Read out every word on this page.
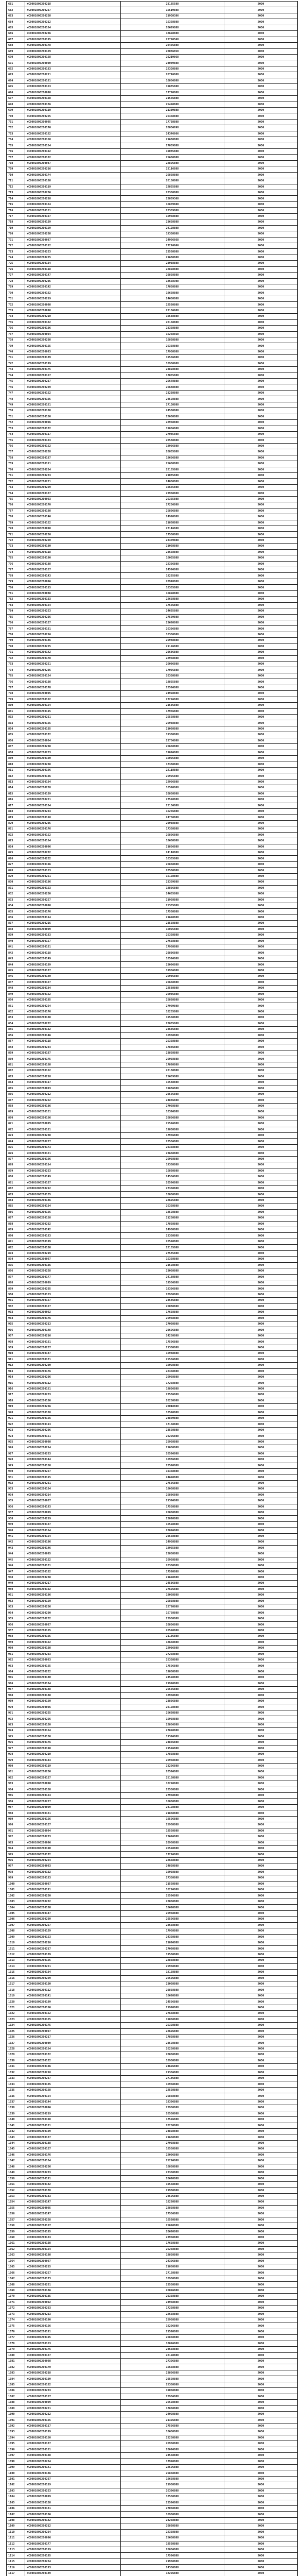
681	WC0001000200218	23185588	2000
682	WC0001000200237	16519888	2000
683	WC0001000200238	21908386	2000
684	WC0001000200212	16368888	2000
685	WC0001000200184	20699888	2000
686	WC0001000200206	18698888	2000
687	WC0001000200195	23798568	2000
688	WC0001000200178	20456888	2000
689	WC0001000200129	20036858	2000
690	WC0001000200168	20219868	2000
691	WC0001000200090	24039888	2000
692	WC0001000200183	22308888	2000
693	WC0001000200211	26776888	2000
694	WC0001000200181	16856888	2000
695	WC0001000200153	19885888	2000
696	WC0001000200098	17798888	2000
697	WC0001000200128	21566888	2000
698	WC0001000200176	25498888	2000
699	WC0001000200110	21339888	2000
700	WC0001000200225	26368888	2000
701	WC0001000200095	17738888	2000
702	WC0001000200176	20836998	2000
703	WC0001000200162	24376666	2000
704	WC0001000200150	21688888	2000
705	WC0001000200154	27889888	2000
706	WC0001000200192	19085888	2000
707	WC0001000200182	25668888	2000
708	WC0001000200087	22896888	2000
709	WC0001000200216	23116888	2000
710	WC0001000200174	26868888	2000
711	WC0001000200188	26158888	2000
712	WC0001000200119	22855888	2000
713	WC0001000200236	22358888	2000
714	WC0001000200218	23889368	2000
715	WC0001000200124	16859888	2000
716	WC0001000200151	22359888	2000
717	WC0001000200197	16958888	2000
718	WC0001000200139	23658888	2000
719	WC0001000200159	24108888	2000
720	WC0001000200208	19338888	2000
721	WC0001000200087	24966668	2000
722	WC0001000200112	27226666	2000
723	WC0001000200233	23588888	2000
724	WC0001000200225	21688888	2000
725	WC0001000200134	23938888	2000
726	WC0001000200118	22898888	2000
727	WC0001000200147	20858888	2000
728	WC0001000200205	18668988	2000
729	WC0001000200142	17858888	2000
730	WC0001000200192	19668888	2000
731	WC0001000200219	24658888	2000
732	WC0001000200098	22598888	2000
733	WC0001000200098	23186688	2000
734	WC0001000200210	19538888	2000
735	WC0001000200132	20158888	2000
736	WC0001000200106	23368888	2000
737	WC0001000200094	16258668	2000
738	WC0001000200208	16868888	2000
739	WC0001000200125	26358888	2000
740	WC0001000200093	17938888	2000
741	WC0001000200189	19566888	2000
742	WC0001000200199	16958688	2000
743	WC0001000200175	23828888	2000
744	WC0001000200167	17055888	2000
745	WC0001000200237	25678888	2000
746	WC0001000200239	26688888	2000
747	WC0001000200162	23238888	2000
748	WC0001000200195	24598888	2000
749	WC0001000200161	27108888	2000
750	WC0001000200108	24538888	2000
751	WC0001000200150	22068888	2000
752	WC0001000200096	22968888	2000
753	WC0001000200172	19856888	2000
754	WC0001000200117	27085888	2000
755	WC0001000200103	20588888	2000
756	WC0001000200162	18956888	2000
757	WC0001000200228	26885888	2000
758	WC0001000200187	18656888	2000
759	WC0001000200111	25658888	2000
760	WC0001000200204	22165888	2000
761	WC0001000200233	21085888	2000
762	WC0001000200221	24858888	2000
763	WC0001000200229	19655888	2000
764	WC0001000200137	23968888	2000
765	WC0001000200093	26365888	2000
766	WC0001000200170	27236888	2000
767	WC0001000200198	25896888	2000
768	WC0001000200146	24998888	2000
769	WC0001000200152	21868888	2000
770	WC0001000200098	27116888	2000
771	WC0001000200226	17558888	2000
772	WC0001000200220	23369888	2000
773	WC0001000200180	21068888	2000
774	WC0001000200118	23668888	2000
775	WC0001000200190	16065888	2000
776	WC0001000200188	22356888	2000
777	WC0001000200157	24596888	2000
778	WC0001000200143	19295888	2000
779	WC0001000200096	20978888	2000
780	WC0001000200115	18365888	2000
781	WC0001000200088	16898888	2000
782	WC0001000200103	22658888	2000
783	WC0001000200164	17566888	2000
784	WC0001000200223	24695888	2000
785	WC0001000200236	27559888	2000
786	WC0001000200137	23698888	2000
787	WC0001000200101	26336888	2000
788	WC0001000200216	16358888	2000
789	WC0001000200186	25988888	2000
790	WC0001000200225	21196888	2000
791	WC0001000200142	20686888	2000
792	WC0001000200178	22958888	2000
793	WC0001000200221	26086888	2000
794	WC0001000200236	17056888	2000
795	WC0001000200124	20338888	2000
796	WC0001000200108	18855888	2000
797	WC0001000200178	22596888	2000
798	WC0001000200095	24998888	2000
799	WC0001000200162	27296888	2000
800	WC0001000200124	21536888	2000
801	WC0001000200115	17956888	2000
802	WC0001000200231	25568888	2000
803	WC0001000200165	26938888	2000
804	WC0001000200105	21098888	2000
805	WC0001000200172	19368888	2000
806	WC0001000200084	23756888	2000
807	WC0001000200208	26658888	2000
808	WC0001000200233	19896888	2000
809	WC0001000200190	16095888	2000
810	WC0001000200208	17338888	2000
811	WC0001000200196	22118888	2000
812	WC0001000200106	25995888	2000
813	WC0001000200104	22956888	2000
814	WC0001000200228	16598888	2000
815	WC0001000200109	20858888	2000
816	WC0001000200221	27598888	2000
817	WC0001000200104	23186888	2000
818	WC0001000200203	16256888	2000
819	WC0001000200110	24758888	2000
820	WC0001000200205	20938888	2000
821	WC0001000200176	17368888	2000
822	WC0001000200152	26896888	2000
823	WC0001000200164	18668888	2000
824	WC0001000200096	21856888	2000
825	WC0001000200202	24118888	2000
826	WC0001000200232	16365888	2000
827	WC0001000200196	26858888	2000
828	WC0001000200153	20568888	2000
829	WC0001000200221	16198888	2000
830	WC0001000200186	23369888	2000
831	WC0001000200123	18856888	2000
832	WC0001000200230	24685888	2000
833	WC0001000200227	21958888	2000
834	WC0001000200098	25365888	2000
835	WC0001000200176	17568888	2000
836	WC0001000200114	21698888	2000
837	WC0001000200216	23558888	2000
838	WC0001000200099	16095888	2000
839	WC0001000200183	25368888	2000
840	WC0001000200157	27658888	2000
841	WC0001000200101	17968888	2000
842	WC0001000200118	20836888	2000
843	WC0001000200149	18596888	2000
844	WC0001000200189	23096888	2000
845	WC0001000200187	19956888	2000
846	WC0001000200140	25936888	2000
847	WC0001000200127	26658888	2000
848	WC0001000200184	22588888	2000
849	WC0001000200162	26036888	2000
850	WC0001000200195	25888888	2000
851	WC0001000200224	27969888	2000
852	WC0001000200176	18255888	2000
853	WC0001000200108	19568888	2000
854	WC0001000200222	22865888	2000
855	WC0001000200132	23636888	2000
856	WC0001000200146	16958888	2000
857	WC0001000200118	25368888	2000
858	WC0001000200234	17836888	2000
859	WC0001000200197	23858888	2000
860	WC0001000200175	26058888	2000
861	WC0001000200168	17898888	2000
862	WC0001000200162	22138888	2000
863	WC0001000200218	25659888	2000
864	WC0001000200117	16538888	2000
865	WC0001000200093	19836888	2000
866	WC0001000200212	20556888	2000
867	WC0001000200222	24836888	2000
868	WC0001000200186	27058888	2000
869	WC0001000200151	18396888	2000
870	WC0001000200166	26856888	2000
871	WC0001000200095	25596888	2000
872	WC0001000200181	19838888	2000
873	WC0001000200208	17956888	2000
874	WC0001000200227	22556888	2000
875	WC0001000200173	20358888	2000
876	WC0001000200121	23658888	2000
877	WC0001000200196	26958888	2000
878	WC0001000200114	19368888	2000
879	WC0001000200233	16898888	2000
880	WC0001000200149	24556888	2000
881	WC0001000200107	20596888	2000
882	WC0001000200212	27368888	2000
883	WC0001000200135	18858888	2000
884	WC0001000200186	22695888	2000
885	WC0001000200104	26368888	2000
886	WC0001000200166	18598888	2000
887	WC0001000200158	21268888	2000
888	WC0001000200202	17858888	2000
889	WC0001000200142	24968888	2000
890	WC0001000200183	23368888	2000
891	WC0001000200199	26598888	2000
892	WC0001000200108	22165888	2000
893	WC0001000200219	27585888	2000
894	WC0001000200097	16368888	2000
895	WC0001000200136	21598888	2000
896	WC0001000200228	23058888	2000
897	WC0001000200177	24188888	2000
898	WC0001000200099	19556888	2000
899	WC0001000200205	18336888	2000
900	WC0001000200153	20958888	2000
901	WC0001000200167	23586888	2000
902	WC0001000200127	26088888	2000
903	WC0001000200092	17658888	2000
904	WC0001000200176	25958888	2000
905	WC0001000200213	27098888	2000
906	WC0001000200148	20696888	2000
907	WC0001000200216	24258888	2000
908	WC0001000200101	17596888	2000
909	WC0001000200237	21368888	2000
910	WC0001000200187	16938888	2000
911	WC0001000200171	25556888	2000
912	WC0001000200200	19098888	2000
913	WC0001000200176	22368888	2000
914	WC0001000200206	26958888	2000
915	WC0001000200112	17258888	2000
916	WC0001000200161	19836888	2000
917	WC0001000200233	23586888	2000
918	WC0001000200180	26258888	2000
919	WC0001000200236	20018888	2000
920	WC0001000200120	18598888	2000
921	WC0001000200156	24869888	2000
922	WC0001000200113	17158888	2000
923	WC0001000200206	23598888	2000
924	WC0001000200151	20296888	2000
925	WC0001000200098	25958888	2000
926	WC0001000200214	21058888	2000
927	WC0001000200203	26596888	2000
928	WC0001000200144	16986888	2000
929	WC0001000200158	22598888	2000
930	WC0001000200227	19368888	2000
931	WC0001000200115	24698888	2000
932	WC0001000200201	27556888	2000
933	WC0001000200104	18068888	2000
934	WC0001000200214	25886888	2000
935	WC0001000200087	21396888	2000
936	WC0001000200193	17558888	2000
937	WC0001000200099	26058888	2000
938	WC0001000200219	23898888	2000
939	WC0001000200137	16598888	2000
940	WC0001000200164	22896888	2000
941	WC0001000200124	20568888	2000
942	WC0001000200186	24958888	2000
943	WC0001000200146	18965888	2000
944	WC0001000200095	23858888	2000
945	WC0001000200132	26958888	2000
946	WC0001000200131	20368888	2000
947	WC0001000200182	17598888	2000
948	WC0001000200238	21698888	2000
949	WC0001000200217	24536888	2000
950	WC0001000200192	27696888	2000
951	WC0001000200186	19068888	2000
952	WC0001000200150	25858888	2000
953	WC0001000200236	22798888	2000
954	WC0001000200200	16758888	2000
955	WC0001000200232	23958888	2000
956	WC0001000200087	20836888	2000
957	WC0001000200165	26598888	2000
958	WC0001000200195	21136888	2000
959	WC0001000200122	18658888	2000
960	WC0001000200108	22936888	2000
961	WC0001000200203	27268888	2000
962	WC0001000200093	25368888	2000
963	WC0001000200165	17596888	2000
964	WC0001000200222	19858888	2000
965	WC0001000200180	24598888	2000
966	WC0001000200184	21998888	2000
967	WC0001000200148	26556888	2000
968	WC0001000200188	18958888	2000
969	WC0001000200160	23856888	2000
970	WC0001000200096	20198888	2000
971	WC0001000200225	25698888	2000
972	WC0001000200226	16958888	2000
973	WC0001000200120	22856888	2000
974	WC0001000200164	27898888	2000
975	WC0001000200130	19396888	2000
976	WC0001000200176	24856888	2000
977	WC0001000200198	21596888	2000
978	WC0001000200210	17868888	2000
979	WC0001000200143	26958888	2000
980	WC0001000200119	23296888	2000
981	WC0001000200236	20596888	2000
982	WC0001000200137	25158888	2000
983	WC0001000200090	18298888	2000
984	WC0001000200158	22558888	2000
985	WC0001000200124	27958888	2000
986	WC0001000200227	16858888	2000
987	WC0001000200099	24198888	2000
988	WC0001000200131	21858888	2000
989	WC0001000200126	19596888	2000
990	WC0001000200137	25968888	2000
991	WC0001000200094	18558888	2000
992	WC0001000200203	23696888	2000
993	WC0001000200096	20958888	2000
994	WC0001000200190	26598888	2000
995	WC0001000200172	17296888	2000
996	WC0001000200224	22658888	2000
997	WC0001000200093	24858888	2000
998	WC0001000200102	19958888	2000
999	WC0001000200183	27358888	2000
1000	WC0001000200097	21568888	2000
1001	WC0001000200191	16296888	2000
1002	WC0001000200220	25596888	2000
1003	WC0001000200202	22058888	2000
1004	WC0001000200188	18698888	2000
1005	WC0001000200147	26958888	2000
1006	WC0001000200209	20596888	2000
1007	WC0001000200227	23658888	2000
1008	WC0001000200129	17958888	2000
1009	WC0001000200153	24398888	2000
1010	WC0001000200210	21896888	2000
1011	WC0001000200217	27098888	2000
1012	WC0001000200189	19568888	2000
1013	WC0001000200125	22858888	2000
1014	WC0001000200221	25958888	2000
1015	WC0001000200104	18158888	2000
1016	WC0001000200229	26596888	2000
1017	WC0001000200130	23068888	2000
1018	WC0001000200112	20858888	2000
1019	WC0001000200141	16698888	2000
1020	WC0001000200199	24556888	2000
1021	WC0001000200160	21998888	2000
1022	WC0001000200152	27658888	2000
1023	WC0001000200125	19058888	2000
1024	WC0001000200175	25398888	2000
1025	WC0001000200097	22696888	2000
1026	WC0001000200217	17858888	2000
1027	WC0001000200089	23598888	2000
1028	WC0001000200164	26258888	2000
1029	WC0001000200172	20058888	2000
1030	WC0001000200122	18958888	2000
1031	WC0001000200106	24696888	2000
1032	WC0001000200218	21356888	2000
1033	WC0001000200237	27186888	2000
1034	WC0001000200135	16958888	2000
1035	WC0001000200168	22598888	2000
1036	WC0001000200154	25858888	2000
1037	WC0001000200144	19396888	2000
1038	WC0001000200096	23958888	2000
1039	WC0001000200219	26558888	2000
1040	WC0001000200198	17596888	2000
1041	WC0001000200181	20258888	2000
1042	WC0001000200199	24898888	2000
1043	WC0001000200137	21658888	2000
1044	WC0001000200188	27958888	2000
1045	WC0001000200137	18558888	2000
1046	WC0001000200176	22096888	2000
1047	WC0001000200104	25296888	2000
1048	WC0001000200236	16858888	2000
1049	WC0001000200203	23358888	2000
1050	WC0001000200191	26698888	2000
1051	WC0001000200182	19558888	2000
1052	WC0001000200178	21988888	2000
1053	WC0001000200183	24596888	2000
1054	WC0001000200147	18298888	2000
1055	WC0001000200095	22858888	2000
1056	WC0001000200147	27556888	2000
1057	WC0001000200228	16598888	2000
1058	WC0001000200167	25098888	2000
1059	WC0001000200195	20698888	2000
1060	WC0001000200133	23968888	2000
1061	WC0001000200108	17658888	2000
1062	WC0001000200124	26258888	2000
1063	WC0001000200198	19858888	2000
1064	WC0001000200097	24396888	2000
1065	WC0001000200215	21858888	2000
1066	WC0001000200227	27158888	2000
1067	WC0001000200173	18958888	2000
1068	WC0001000200201	23558888	2000
1069	WC0001000200186	26096888	2000
1070	WC0001000200185	20358888	2000
1071	WC0001000200092	24958888	2000
1072	WC0001000200203	17258888	2000
1073	WC0001000200233	22658888	2000
1074	WC0001000200190	25958888	2000
1075	WC0001000200126	19296888	2000
1076	WC0001000200191	21598888	2000
1077	WC0001000200195	26858888	2000
1078	WC0001000200153	18096888	2000
1079	WC0001000200176	24658888	2000
1080	WC0001000200137	22198888	2000
1081	WC0001000200098	27396888	2000
1082	WC0001000200170	16658888	2000
1083	WC0001000200218	23856888	2000
1084	WC0001000200109	20598888	2000
1085	WC0001000200182	25358888	2000
1086	WC0001000200203	19058888	2000
1087	WC0001000200167	22956888	2000
1088	WC0001000200099	26598888	2000
1089	WC0001000200221	17858888	2000
1090	WC0001000200232	24098888	2000
1091	WC0001000200165	21396888	2000
1092	WC0001000200117	27556888	2000
1093	WC0001000200199	18658888	2000
1094	WC0001000200150	23258888	2000
1095	WC0001000200187	26958888	2000
1096	WC0001000200161	20096888	2000
1097	WC0001000200108	24558888	2000
1098	WC0001000200204	17998888	2000
1099	WC0001000200141	22596888	2000
1100	WC0001000200186	25858888	2000
1101	WC0001000200207	19658888	2000
1102	WC0001000200119	21958888	2000
1103	WC0001000200233	26396888	2000
1104	WC0001000200099	18558888	2000
1105	WC0001000200138	23596888	2000
1106	WC0001000200181	27058888	2000
1107	WC0001000200186	16958888	2000
1108	WC0001000200142	24258888	2000
1109	WC0001000200212	20898888	2000
1110	WC0001000200234	22358888	2000
1111	WC0001000200096	25658888	2000
1112	WC0001000200177	19598888	2000
1113	WC0001000200119	26856888	2000
1114	WC0001000200195	17596888	2000
1115	WC0001000200234	21958888	2000
1116	WC0001000200193	24358888	2000
1117	WC0001000200189	18296888	2000
